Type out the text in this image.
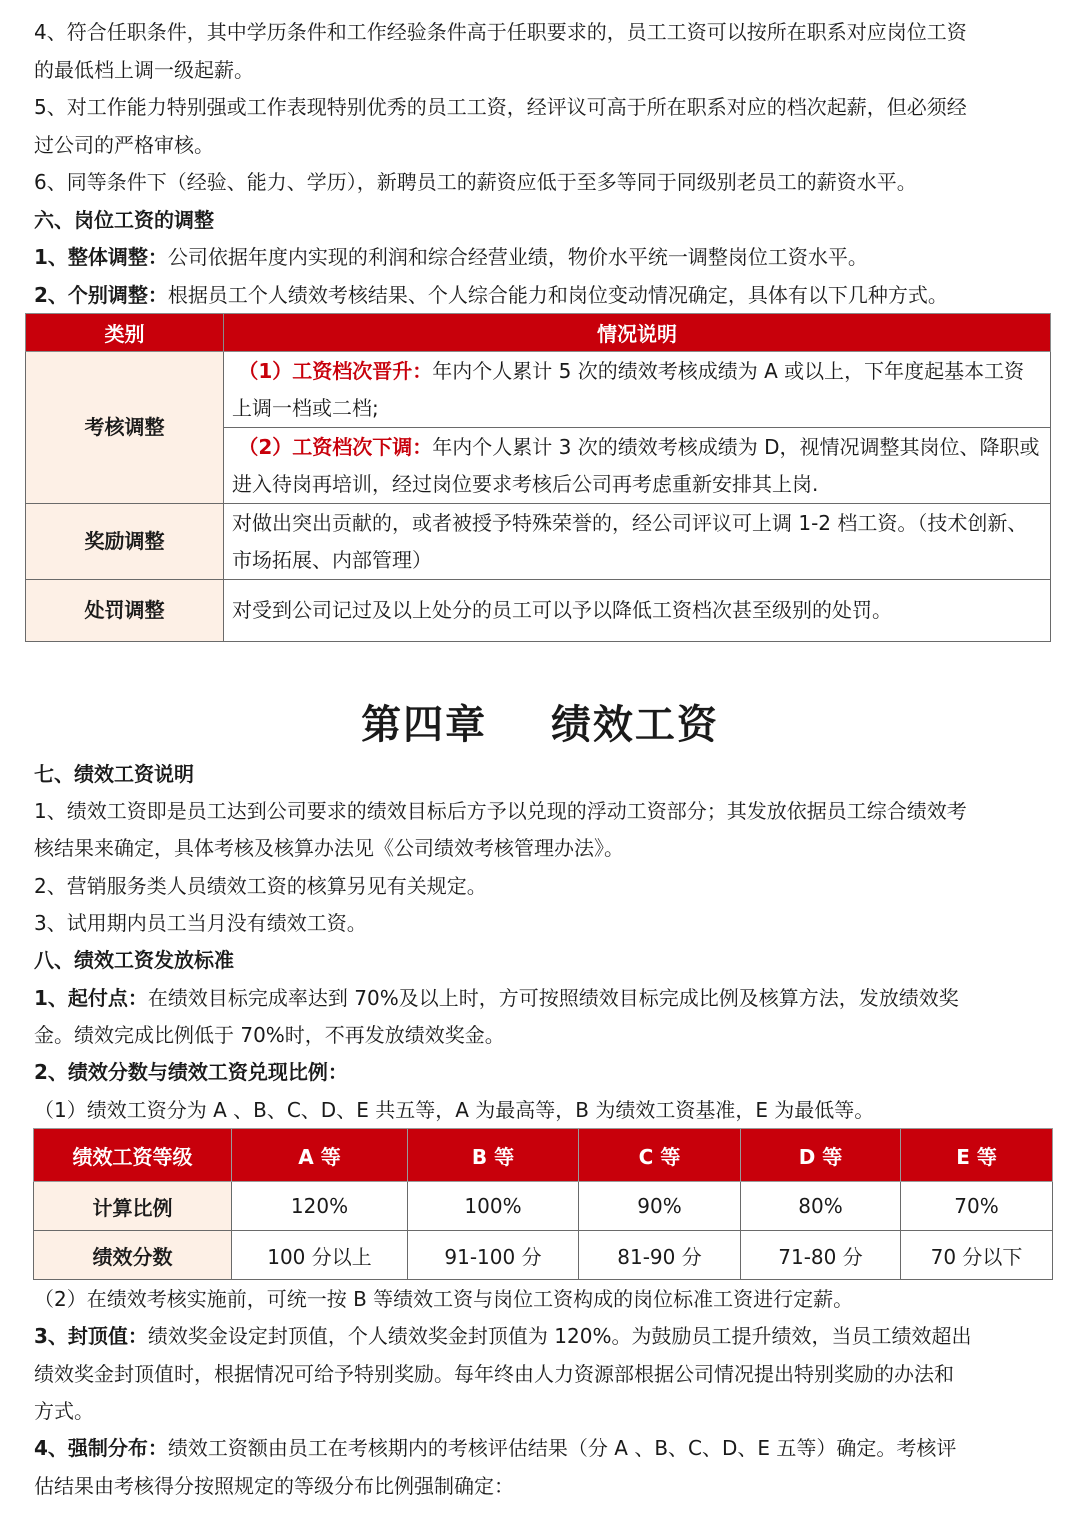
4、符合任职条件，其中学历条件和工作经验条件高于任职要求的，员工工资可以按所在职系对应岗位工资

的最低档上调一级起薪。

5、对工作能力特别强或工作表现特别优秀的员工工资，经评议可高于所在职系对应的档次起薪，但必须经

过公司的严格审核。

6、同等条件下（经验、能力、学历），新聘员工的薪资应低于至多等同于同级别老员工的薪资水平。

六、岗位工资的调整

1、整体调整：公司依据年度内实现的利润和综合经营业绩，物价水平统一调整岗位工资水平。

2、个别调整：根据员工个人绩效考核结果、个人综合能力和岗位变动情况确定，具体有以下几种方式。

类别	情况说明
考核调整	（1）工资档次晋升：年内个人累计 5 次的绩效考核成绩为 A 或以上，下年度起基本工资上调一档或二档;
	（2）工资档次下调：年内个人累计 3 次的绩效考核成绩为 D，视情况调整其岗位、降职或进入待岗再培训，经过岗位要求考核后公司再考虑重新安排其上岗.
奖励调整	对做出突出贡献的，或者被授予特殊荣誉的，经公司评议可上调 1-2 档工资。（技术创新、市场拓展、内部管理）
处罚调整	对受到公司记过及以上处分的员工可以予以降低工资档次甚至级别的处罚。
第四章    绩效工资

七、绩效工资说明

1、绩效工资即是员工达到公司要求的绩效目标后方予以兑现的浮动工资部分；其发放依据员工综合绩效考

核结果来确定，具体考核及核算办法见《公司绩效考核管理办法》。

2、营销服务类人员绩效工资的核算另见有关规定。

3、试用期内员工当月没有绩效工资。

八、绩效工资发放标准

1、起付点：在绩效目标完成率达到 70%及以上时，方可按照绩效目标完成比例及核算方法，发放绩效奖

金。绩效完成比例低于 70%时，不再发放绩效奖金。

2、绩效分数与绩效工资兑现比例：

（1）绩效工资分为 A 、B、C、D、E 共五等，A 为最高等，B 为绩效工资基准，E 为最低等。

绩效工资等级	A 等	B 等	C 等	D 等	E 等
计算比例	120%	100%	90%	80%	70%
绩效分数	100 分以上	91-100 分	81-90 分	71-80 分	70 分以下

（2）在绩效考核实施前，可统一按 B 等绩效工资与岗位工资构成的岗位标准工资进行定薪。

3、封顶值：绩效奖金设定封顶值，个人绩效奖金封顶值为 120%。为鼓励员工提升绩效，当员工绩效超出

绩效奖金封顶值时，根据情况可给予特别奖励。每年终由人力资源部根据公司情况提出特别奖励的办法和

方式。

4、强制分布：绩效工资额由员工在考核期内的考核评估结果（分 A 、B、C、D、E 五等）确定。考核评

估结果由考核得分按照规定的等级分布比例强制确定：
